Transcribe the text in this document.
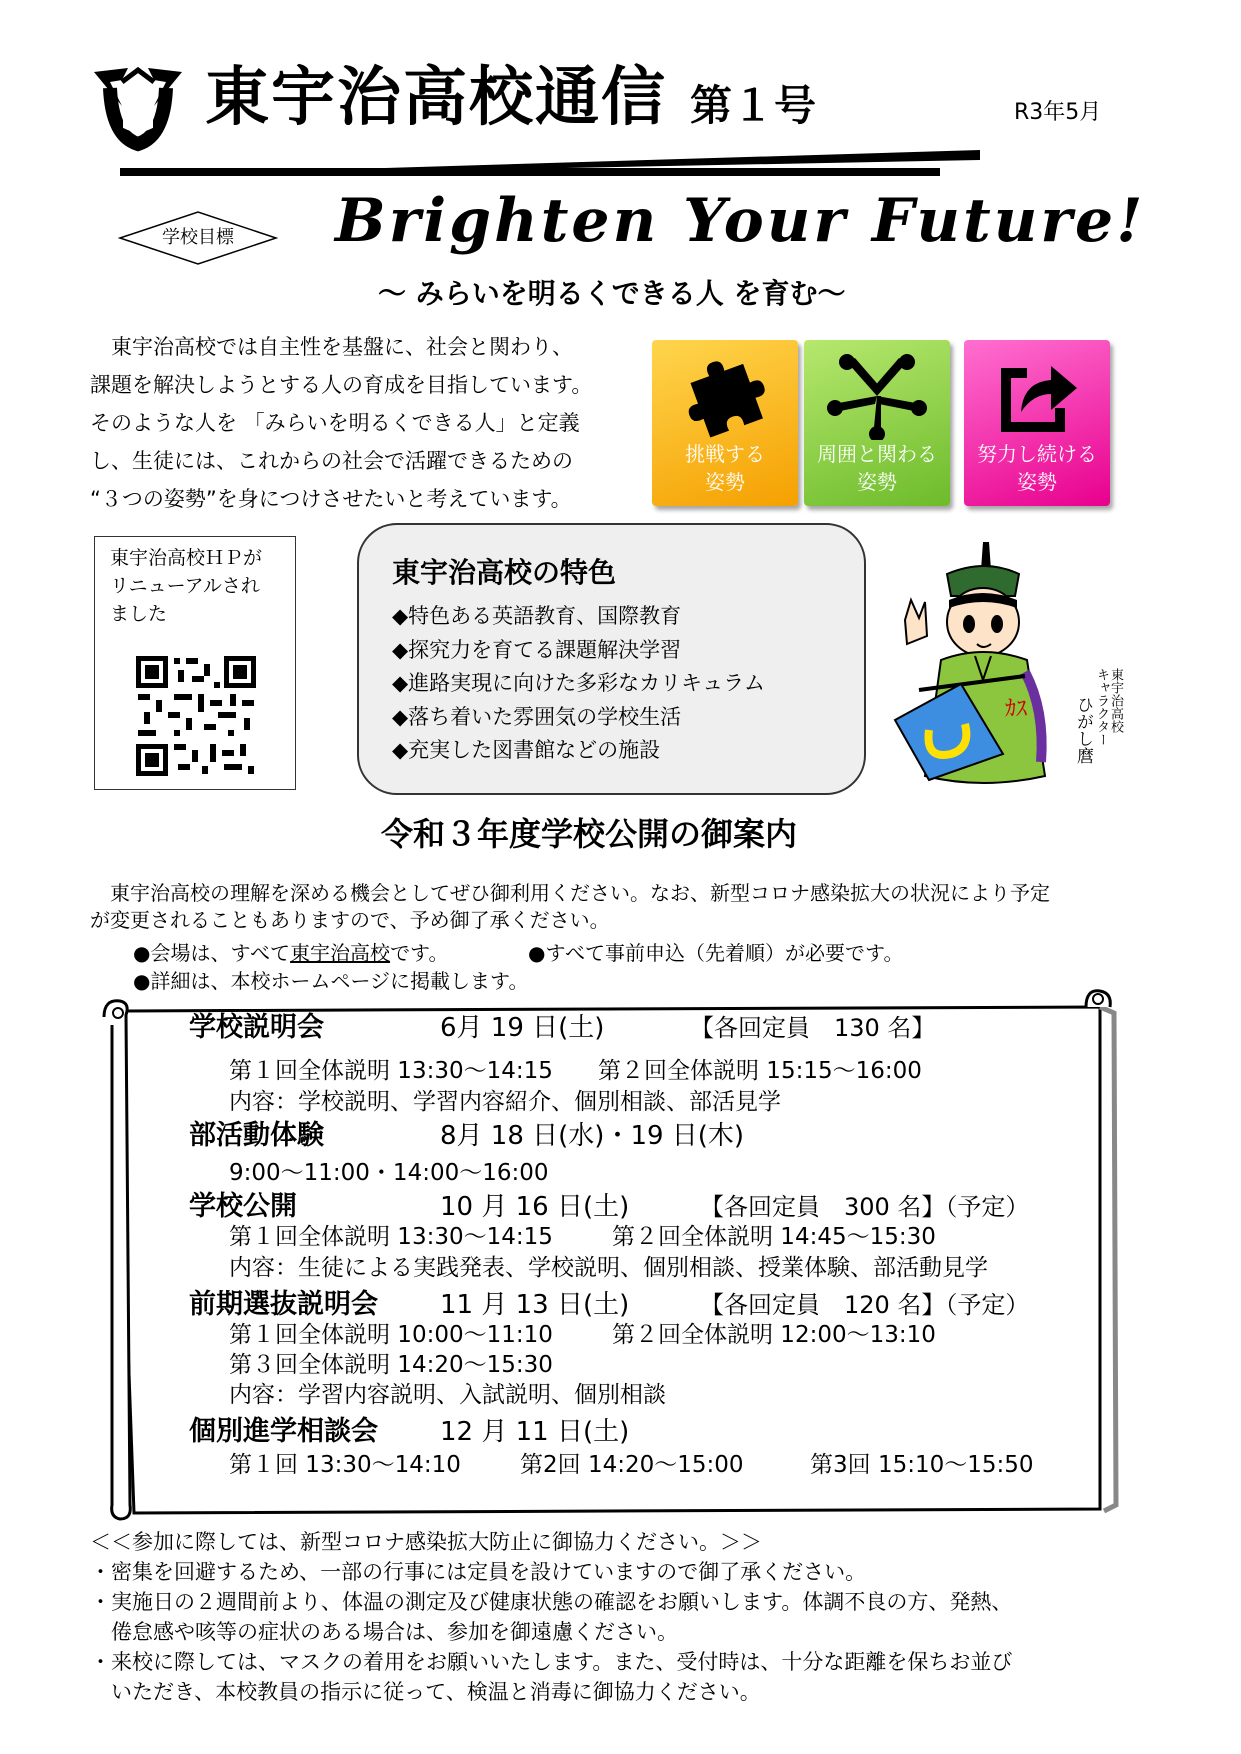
東宇治高校通信 第１号	R3年5月
学校目標	Brighten Your Future!
～ みらいを明るくできる人 を育む～

　東宇治高校では自主性を基盤に、社会と関わり、

課題を解決しようとする人の育成を目指しています。

そのような人を 「みらいを明るくできる人」と定義

し、生徒には、これからの社会で活躍できるための

“３つの姿勢”を身につけさせたいと考えています。

挑戦する
姿勢
周囲と関わる
姿勢
努力し続ける
姿勢
東宇治高校ＨＰが
リニューアルされ
ました
東宇治高校の特色
◆特色ある英語教育、国際教育
◆探究力を育てる課題解決学習
◆進路実現に向けた多彩なカリキュラム
◆落ち着いた雰囲気の学校生活
◆充実した図書館などの施設
ｶｽ	東宇治高校
キャラクター
ひがし麿
令和３年度学校公開の御案内

　東宇治高校の理解を深める機会としてぜひ御利用ください。なお、新型コロナ感染拡大の状況により予定

が変更されることもありますので、予め御了承ください。

●会場は、すべて東宇治高校です。	●すべて事前申込（先着順）が必要です。
●詳細は、本校ホームページに掲載します。
学校説明会	6月 19 日(土)	【各回定員　130 名】
第１回全体説明 13:30～14:15 第２回全体説明 15:15～16:00
内容：学校説明、学習内容紹介、個別相談、部活見学
部活動体験	8月 18 日(水)・19 日(木)
9:00～11:00・14:00～16:00
学校公開	10 月 16 日(土)	【各回定員　300 名】（予定）
第１回全体説明 13:30～14:15	第２回全体説明 14:45～15:30
内容：生徒による実践発表、学校説明、個別相談、授業体験、部活動見学
前期選抜説明会 11 月 13 日(土)	【各回定員　120 名】（予定）
第１回全体説明 10:00～11:10	第２回全体説明 12:00～13:10
第３回全体説明 14:20～15:30
内容：学習内容説明、入試説明、個別相談
個別進学相談会 12 月 11 日(土)
第１回 13:30～14:10	第2回 14:20～15:00	第3回 15:10～15:50

＜＜参加に際しては、新型コロナ感染拡大防止に御協力ください。＞＞

・密集を回避するため、一部の行事には定員を設けていますので御了承ください。

・実施日の２週間前より、体温の測定及び健康状態の確認をお願いします。体調不良の方、発熱、

　倦怠感や咳等の症状のある場合は、参加を御遠慮ください。

・来校に際しては、マスクの着用をお願いいたします。また、受付時は、十分な距離を保ちお並び

　いただき、本校教員の指示に従って、検温と消毒に御協力ください。
